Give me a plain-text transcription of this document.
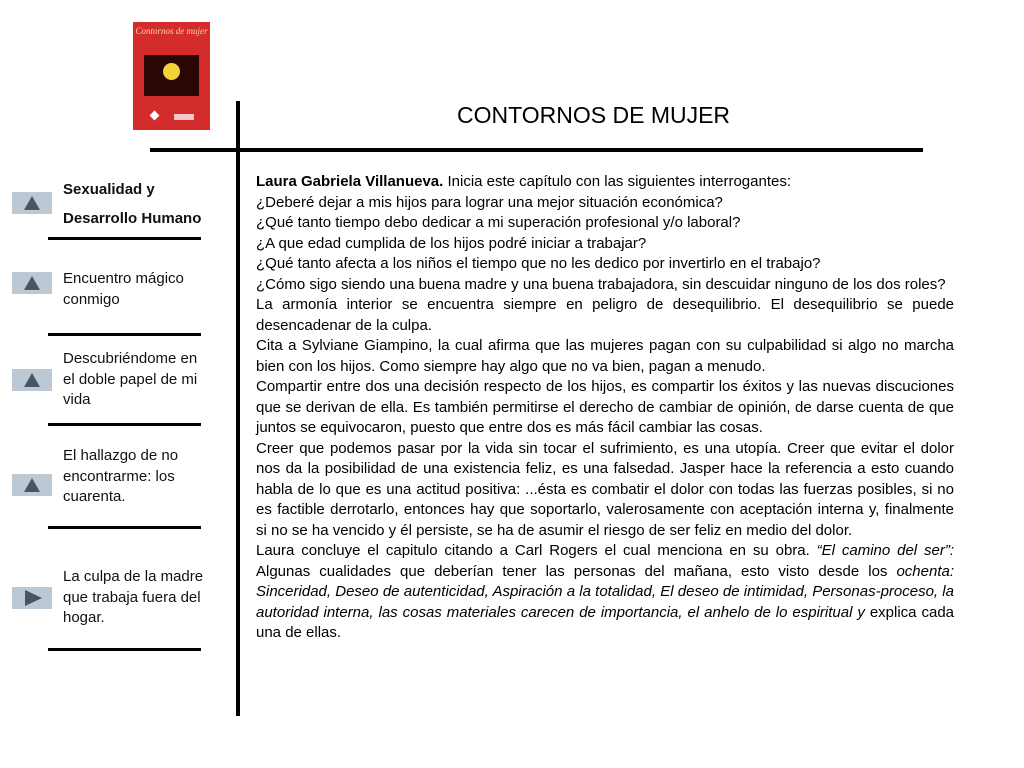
Contornos de mujer
CONTORNOS DE MUJER
Sexualidad y Desarrollo Humano
Encuentro mágico conmigo
Descubriéndome en el doble papel de mi vida
El hallazgo de no encontrarme: los cuarenta.
La culpa de la madre que trabaja fuera del hogar.

Laura Gabriela Villanueva. Inicia este capítulo con las siguientes interrogantes:

¿Deberé dejar a mis hijos para lograr una mejor situación económica?

¿Qué tanto tiempo debo dedicar a mi superación profesional y/o laboral?

¿A que edad cumplida de los hijos podré iniciar a trabajar?

¿Qué tanto afecta a los niños el tiempo que no les dedico por invertirlo en el trabajo?

¿Cómo sigo siendo una buena madre y una buena trabajadora, sin descuidar ninguno de los dos roles?

La armonía interior se encuentra siempre en peligro de desequilibrio. El desequilibrio se puede desencadenar de la culpa.

Cita a Sylviane Giampino, la cual afirma que las mujeres pagan con su culpabilidad si algo no marcha bien con los hijos. Como siempre hay algo que no va bien, pagan a menudo.

Compartir entre dos una decisión respecto de los hijos, es compartir los éxitos y las nuevas discuciones que se derivan de ella. Es también permitirse el derecho de cambiar de opinión, de darse cuenta de que juntos se equivocaron, puesto que entre dos es más fácil cambiar las cosas.

Creer que podemos pasar por la vida sin tocar el sufrimiento, es una utopía. Creer que evitar el dolor nos da la posibilidad de una existencia feliz, es una falsedad. Jasper hace la referencia a esto cuando habla de lo que es una actitud positiva: ...ésta es combatir el dolor con todas las fuerzas posibles, si no es factible derrotarlo, entonces hay que soportarlo, valerosamente con aceptación interna y, finalmente si no se ha vencido y él persiste, se ha de asumir el riesgo de ser feliz en medio del dolor.

Laura concluye el capitulo citando a Carl Rogers el cual menciona en su obra. “El camino del ser”: Algunas cualidades que deberían tener las personas del mañana, esto visto desde los ochenta: Sinceridad, Deseo de autenticidad, Aspiración a la totalidad, El deseo de intimidad, Personas-proceso, la autoridad interna, las cosas materiales carecen de importancia, el anhelo de lo espiritual y explica cada una de ellas.
